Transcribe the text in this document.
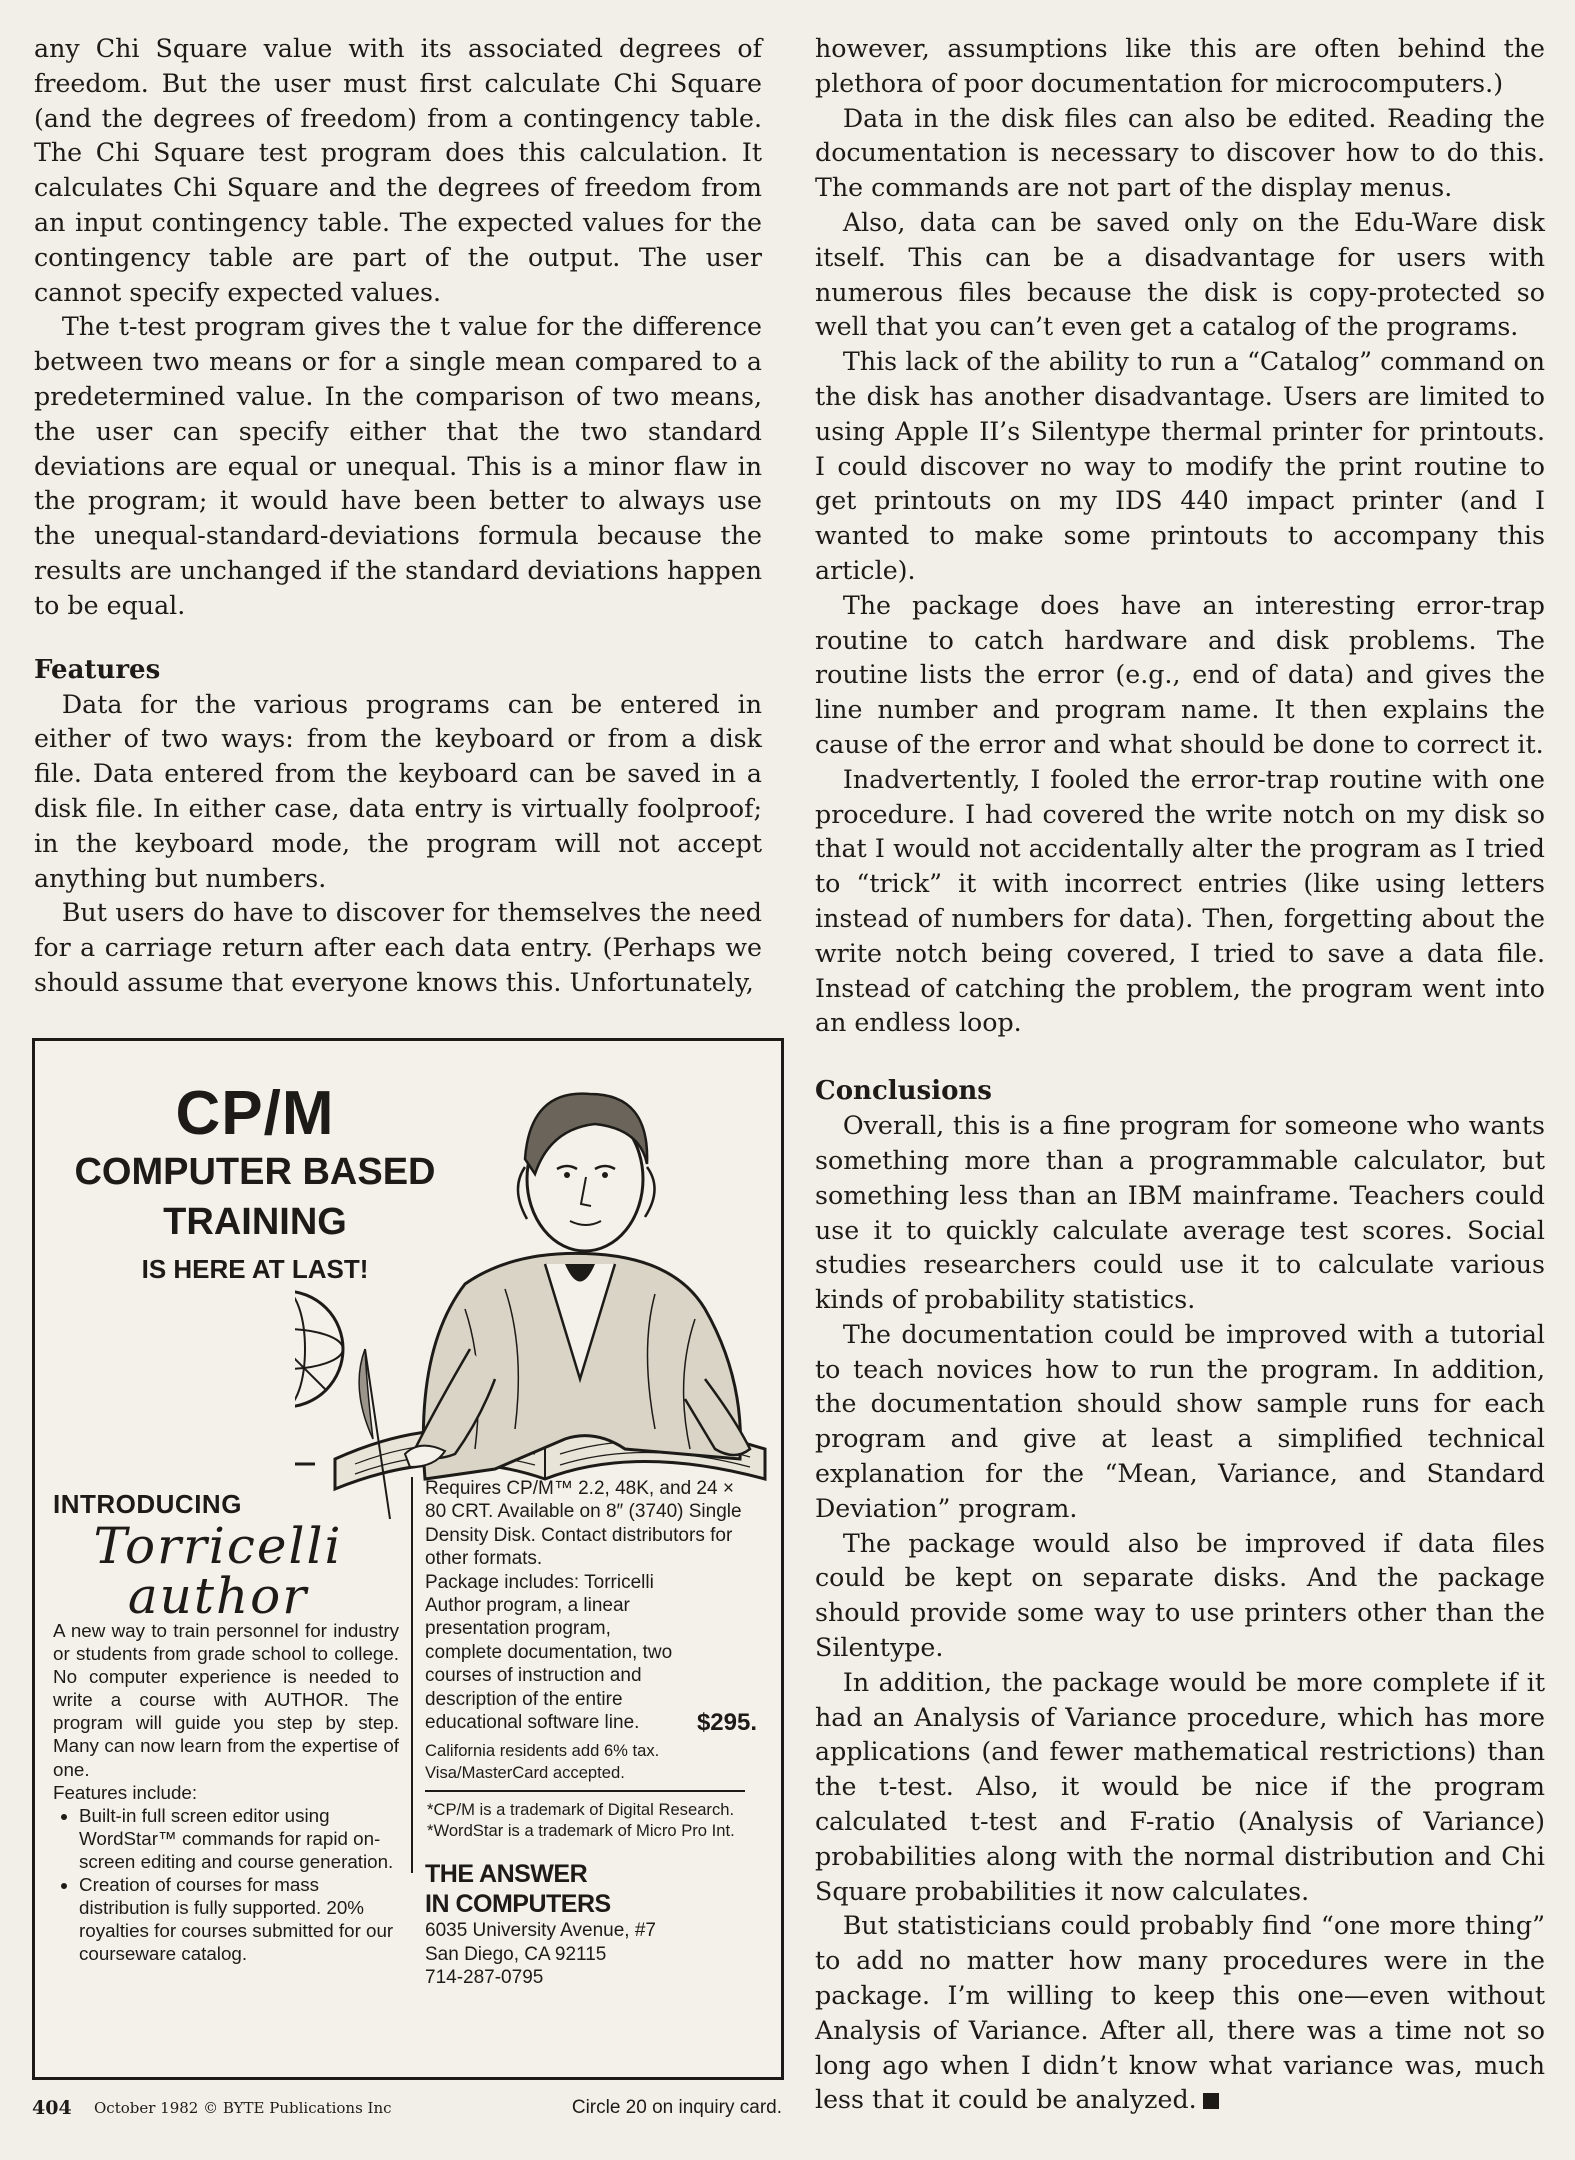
any Chi Square value with its associated degrees of freedom. But the user must first calculate Chi Square (and the degrees of freedom) from a contingency table. The Chi Square test program does this calculation. It calculates Chi Square and the degrees of freedom from an input contingency table. The expected values for the contingency table are part of the output. The user cannot specify expected values.

The t-test program gives the t value for the difference between two means or for a single mean compared to a predetermined value. In the comparison of two means, the user can specify either that the two standard deviations are equal or unequal. This is a minor flaw in the program; it would have been better to always use the unequal-standard-deviations formula because the results are unchanged if the standard deviations happen to be equal.

Features

Data for the various programs can be entered in either of two ways: from the keyboard or from a disk file. Data entered from the keyboard can be saved in a disk file. In either case, data entry is virtually foolproof; in the keyboard mode, the program will not accept anything but numbers.

But users do have to discover for themselves the need for a carriage return after each data entry. (Perhaps we should assume that everyone knows this. Unfortunately,

however, assumptions like this are often behind the plethora of poor documentation for microcomputers.)

Data in the disk files can also be edited. Reading the documentation is necessary to discover how to do this. The commands are not part of the display menus.

Also, data can be saved only on the Edu-Ware disk itself. This can be a disadvantage for users with numerous files because the disk is copy-protected so well that you can’t even get a catalog of the programs.

This lack of the ability to run a “Catalog” command on the disk has another disadvantage. Users are limited to using Apple II’s Silentype thermal printer for printouts. I could discover no way to modify the print routine to get printouts on my IDS 440 impact printer (and I wanted to make some printouts to accompany this article).

The package does have an interesting error-trap routine to catch hardware and disk problems. The routine lists the error (e.g., end of data) and gives the line number and program name. It then explains the cause of the error and what should be done to correct it.

Inadvertently, I fooled the error-trap routine with one procedure. I had covered the write notch on my disk so that I would not accidentally alter the program as I tried to “trick” it with incorrect entries (like using letters instead of numbers for data). Then, forgetting about the write notch being covered, I tried to save a data file. Instead of catching the problem, the program went into an endless loop.

Conclusions

Overall, this is a fine program for someone who wants something more than a programmable calculator, but something less than an IBM mainframe. Teachers could use it to quickly calculate average test scores. Social studies researchers could use it to calculate various kinds of probability statistics.

The documentation could be improved with a tutorial to teach novices how to run the program. In addition, the documentation should show sample runs for each program and give at least a simplified technical explanation for the “Mean, Variance, and Standard Deviation” program.

The package would also be improved if data files could be kept on separate disks. And the package should provide some way to use printers other than the Silentype.

In addition, the package would be more complete if it had an Analysis of Variance procedure, which has more applications (and fewer mathematical restrictions) than the t-test. Also, it would be nice if the program calculated t-test and F-ratio (Analysis of Variance) probabilities along with the normal distribution and Chi Square probabilities it now calculates.

But statisticians could probably find “one more thing” to add no matter how many procedures were in the package. I’m willing to keep this one—even without Analysis of Variance. After all, there was a time not so long ago when I didn’t know what variance was, much less that it could be analyzed.

CP/M
COMPUTER BASED
TRAINING
IS HERE AT LAST!
INTRODUCING
Torricelli
author

A new way to train personnel for industry or students from grade school to college. No computer experience is needed to write a course with AUTHOR. The program will guide you step by step. Many can now learn from the expertise of one.

Features include:
• Built-in full screen editor using WordStar™ commands for rapid on-screen editing and course generation.
• Creation of courses for mass distribution is fully supported. 20% royalties for courses submitted for our courseware catalog.

Requires CP/M™ 2.2, 48K, and 24 × 80 CRT. Available on 8″ (3740) Single Density Disk. Contact distributors for other formats.

Package includes: Torricelli Author program, a linear presentation program, complete documentation, two courses of instruction and description of the entire educational software line.	$295.

California residents add 6% tax. Visa/MasterCard accepted.

*CP/M is a trademark of Digital Research.
*WordStar is a trademark of Micro Pro Int.
THE ANSWER
IN COMPUTERS
6035 University Avenue, #7
San Diego, CA 92115
714-287-0795
404 October 1982 © BYTE Publications Inc	Circle 20 on inquiry card.
